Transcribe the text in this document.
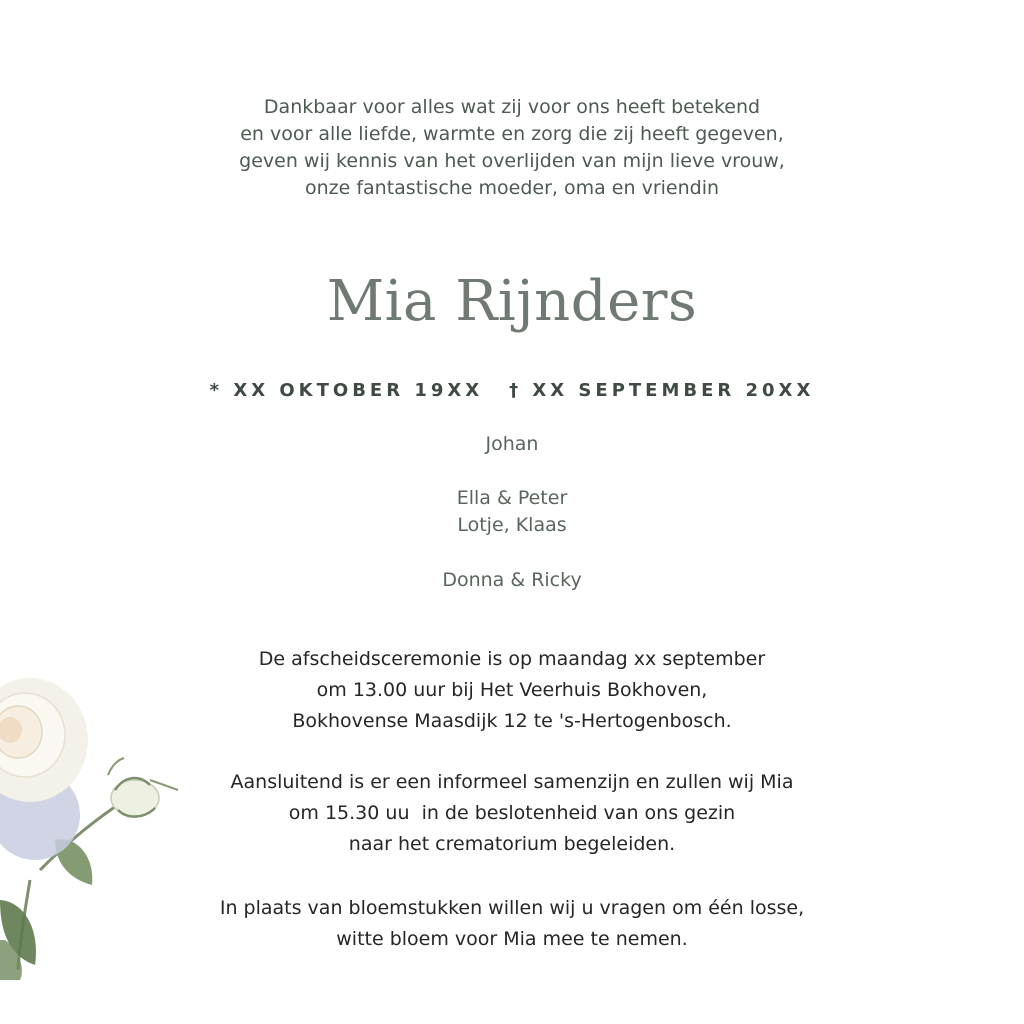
Dankbaar voor alles wat zij voor ons heeft betekend
en voor alle liefde, warmte en zorg die zij heeft gegeven,
geven wij kennis van het overlijden van mijn lieve vrouw,
onze fantastische moeder, oma en vriendin
Mia Rijnders
* XX OKTOBER 19XX † XX SEPTEMBER 20XX
Johan
Ella & Peter
Lotje, Klaas
Donna & Ricky
De afscheidsceremonie is op maandag xx september
om 13.00 uur bij Het Veerhuis Bokhoven,
Bokhovense Maasdijk 12 te 's-Hertogenbosch.
Aansluitend is er een informeel samenzijn en zullen wij Mia
om 15.30 uu  in de beslotenheid van ons gezin
naar het crematorium begeleiden.
In plaats van bloemstukken willen wij u vragen om één losse,
witte bloem voor Mia mee te nemen.
